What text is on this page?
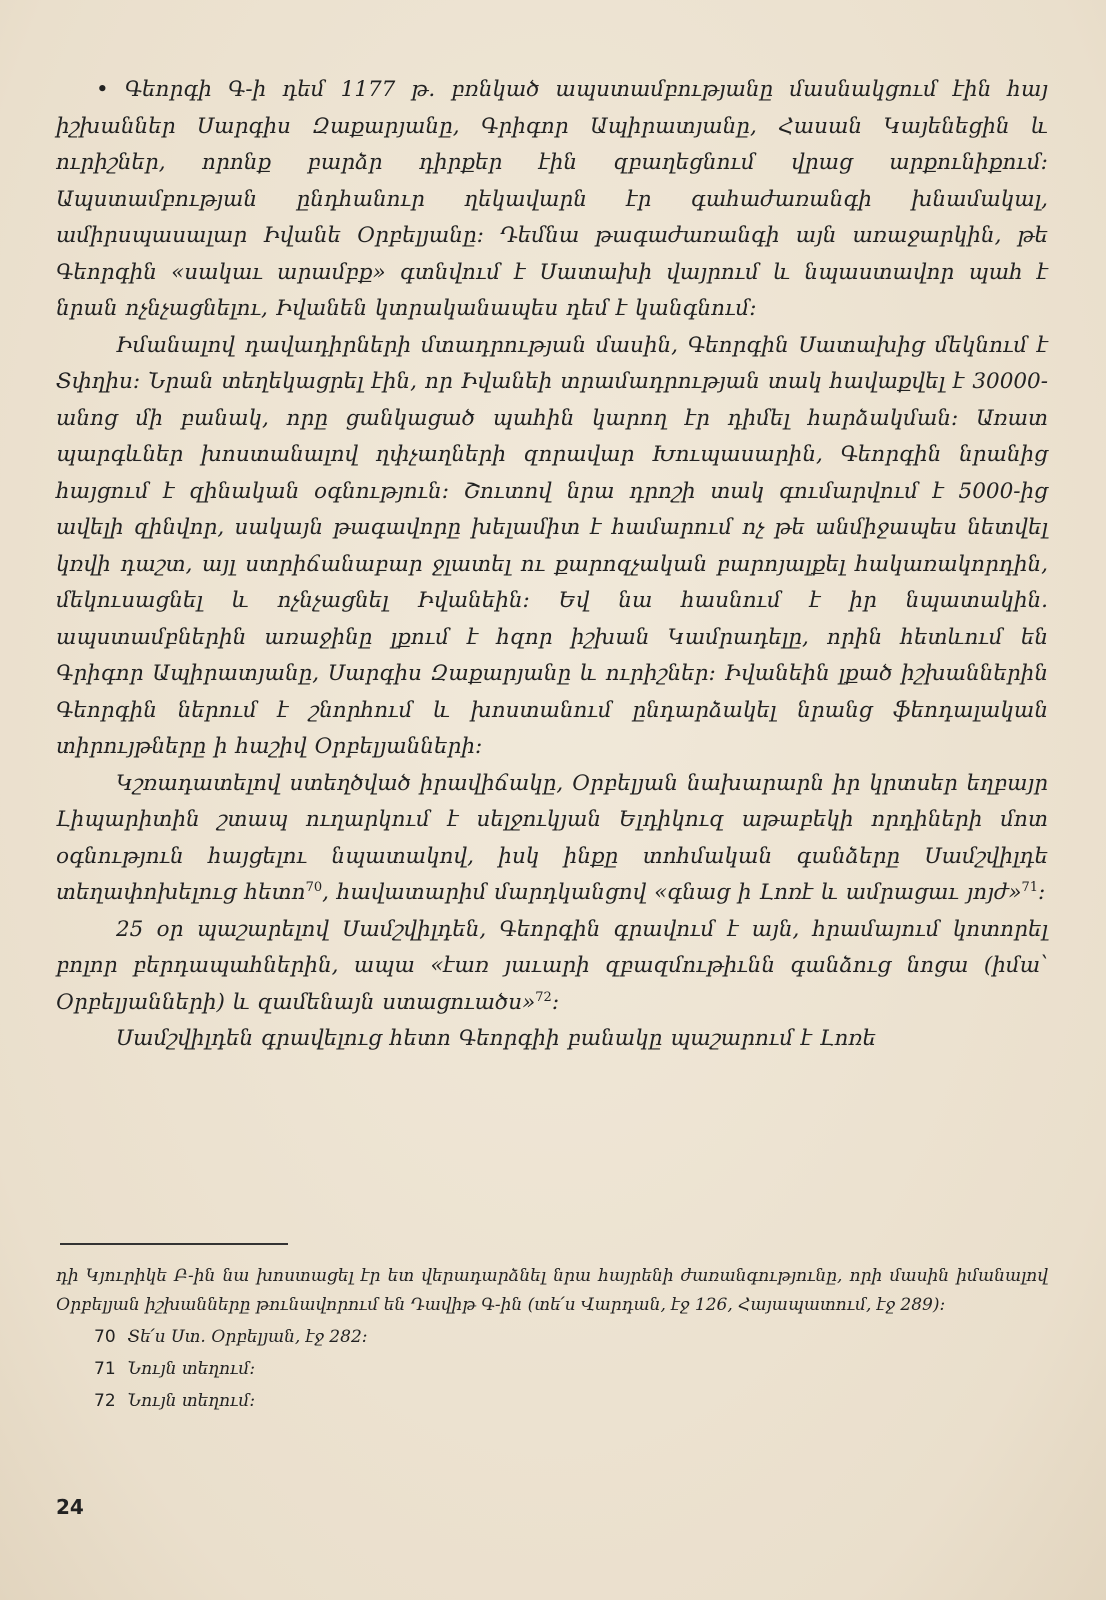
• Գեորգի Գ-ի դեմ 1177 թ. բռնկած ապստամբությանը մասնակցում էին հայ իշխաններ Սարգիս Զաքարյանը, Գրիգոր Ապիրատյանը, Հասան Կայենեցին և ուրիշներ, որոնք բարձր դիրքեր էին զբաղեցնում վրաց արքունիքում։ Ապստամբության ընդհանուր ղեկավարն էր գահաժառանգի խնամակալ, ամիրսպասալար Իվանե Օրբելյանը։ Դեմնա թագաժառանգի այն առաջարկին, թե Գեորգին «սակաւ արամբք» գտնվում է Սատախի վայրում և նպաստավոր պահ է նրան ոչնչացնելու, Իվանեն կտրականապես դեմ է կանգնում։

Իմանալով դավադիրների մտադրության մասին, Գեորգին Սատախից մեկնում է Տփղիս։ Նրան տեղեկացրել էին, որ Իվանեի տրամադրության տակ հավաքվել է 30000-անոց մի բանակ, որը ցանկացած պահին կարող էր դիմել հարձակման։ Առատ պարգևներ խոստանալով ղփչաղների զորավար Խուպասարին, Գեորգին նրանից հայցում է զինական օգնություն։ Շուտով նրա դրոշի տակ գումարվում է 5000-ից ավելի զինվոր, սակայն թագավորը խելամիտ է համարում ոչ թե անմիջապես նետվել կռվի դաշտ, այլ ստրիճանաբար ջլատել ու քարոզչական բարոյալքել հակառակորդին, մեկուսացնել և ոչնչացնել Իվանեին։ Եվ նա հասնում է իր նպատակին. ապստամբներին առաջինը լքում է հզոր իշխան Կամրադելը, որին հետևում են Գրիգոր Ապիրատյանը, Սարգիս Զաքարյանը և ուրիշներ։ Իվանեին լքած իշխաններին Գեորգին ներում է շնորհում և խոստանում ընդարձակել նրանց ֆեոդալական տիրույթները ի հաշիվ Օրբելյանների։

Կշռադատելով ստեղծված իրավիճակը, Օրբելյան նախարարն իր կրտսեր եղբայր Լիպարիտին շտապ ուղարկում է սելջուկյան Ելդիկուզ աթաբեկի որդիների մոտ օգնություն հայցելու նպատակով, իսկ ինքը տոհմական գանձերը Սամշվիլդե տեղափոխելուց հետո$^{70}$, հավատարիմ մարդկանցով «գնաց ի Լոռէ և ամրացաւ յոյժ»$^{71}$։

25 օր պաշարելով Սամշվիլդեն, Գեորգին գրավում է այն, հրամայում կոտորել բոլոր բերդապահներին, ապա «էառ յաւարի զբազմութիւնն գանձուց նոցա (իմա՝ Օրբելյանների) և զամենայն ստացուածս»$^{72}$։

Սամշվիլդեն գրավելուց հետո Գեորգիի բանակը պաշարում է Լոռե

դի Կյուրիկե Բ-ին նա խոստացել էր ետ վերադարձնել նրա հայրենի ժառանգությունը, որի մասին իմանալով Օրբելյան իշխանները թունավորում են Դավիթ Գ-ին (տե՛ս Վարդան, էջ 126, Հայապատում, էջ 289)։

70 Տե՛ս Ստ. Օրբելյան, էջ 282։

71 Նույն տեղում։

72 Նույն տեղում։

24
